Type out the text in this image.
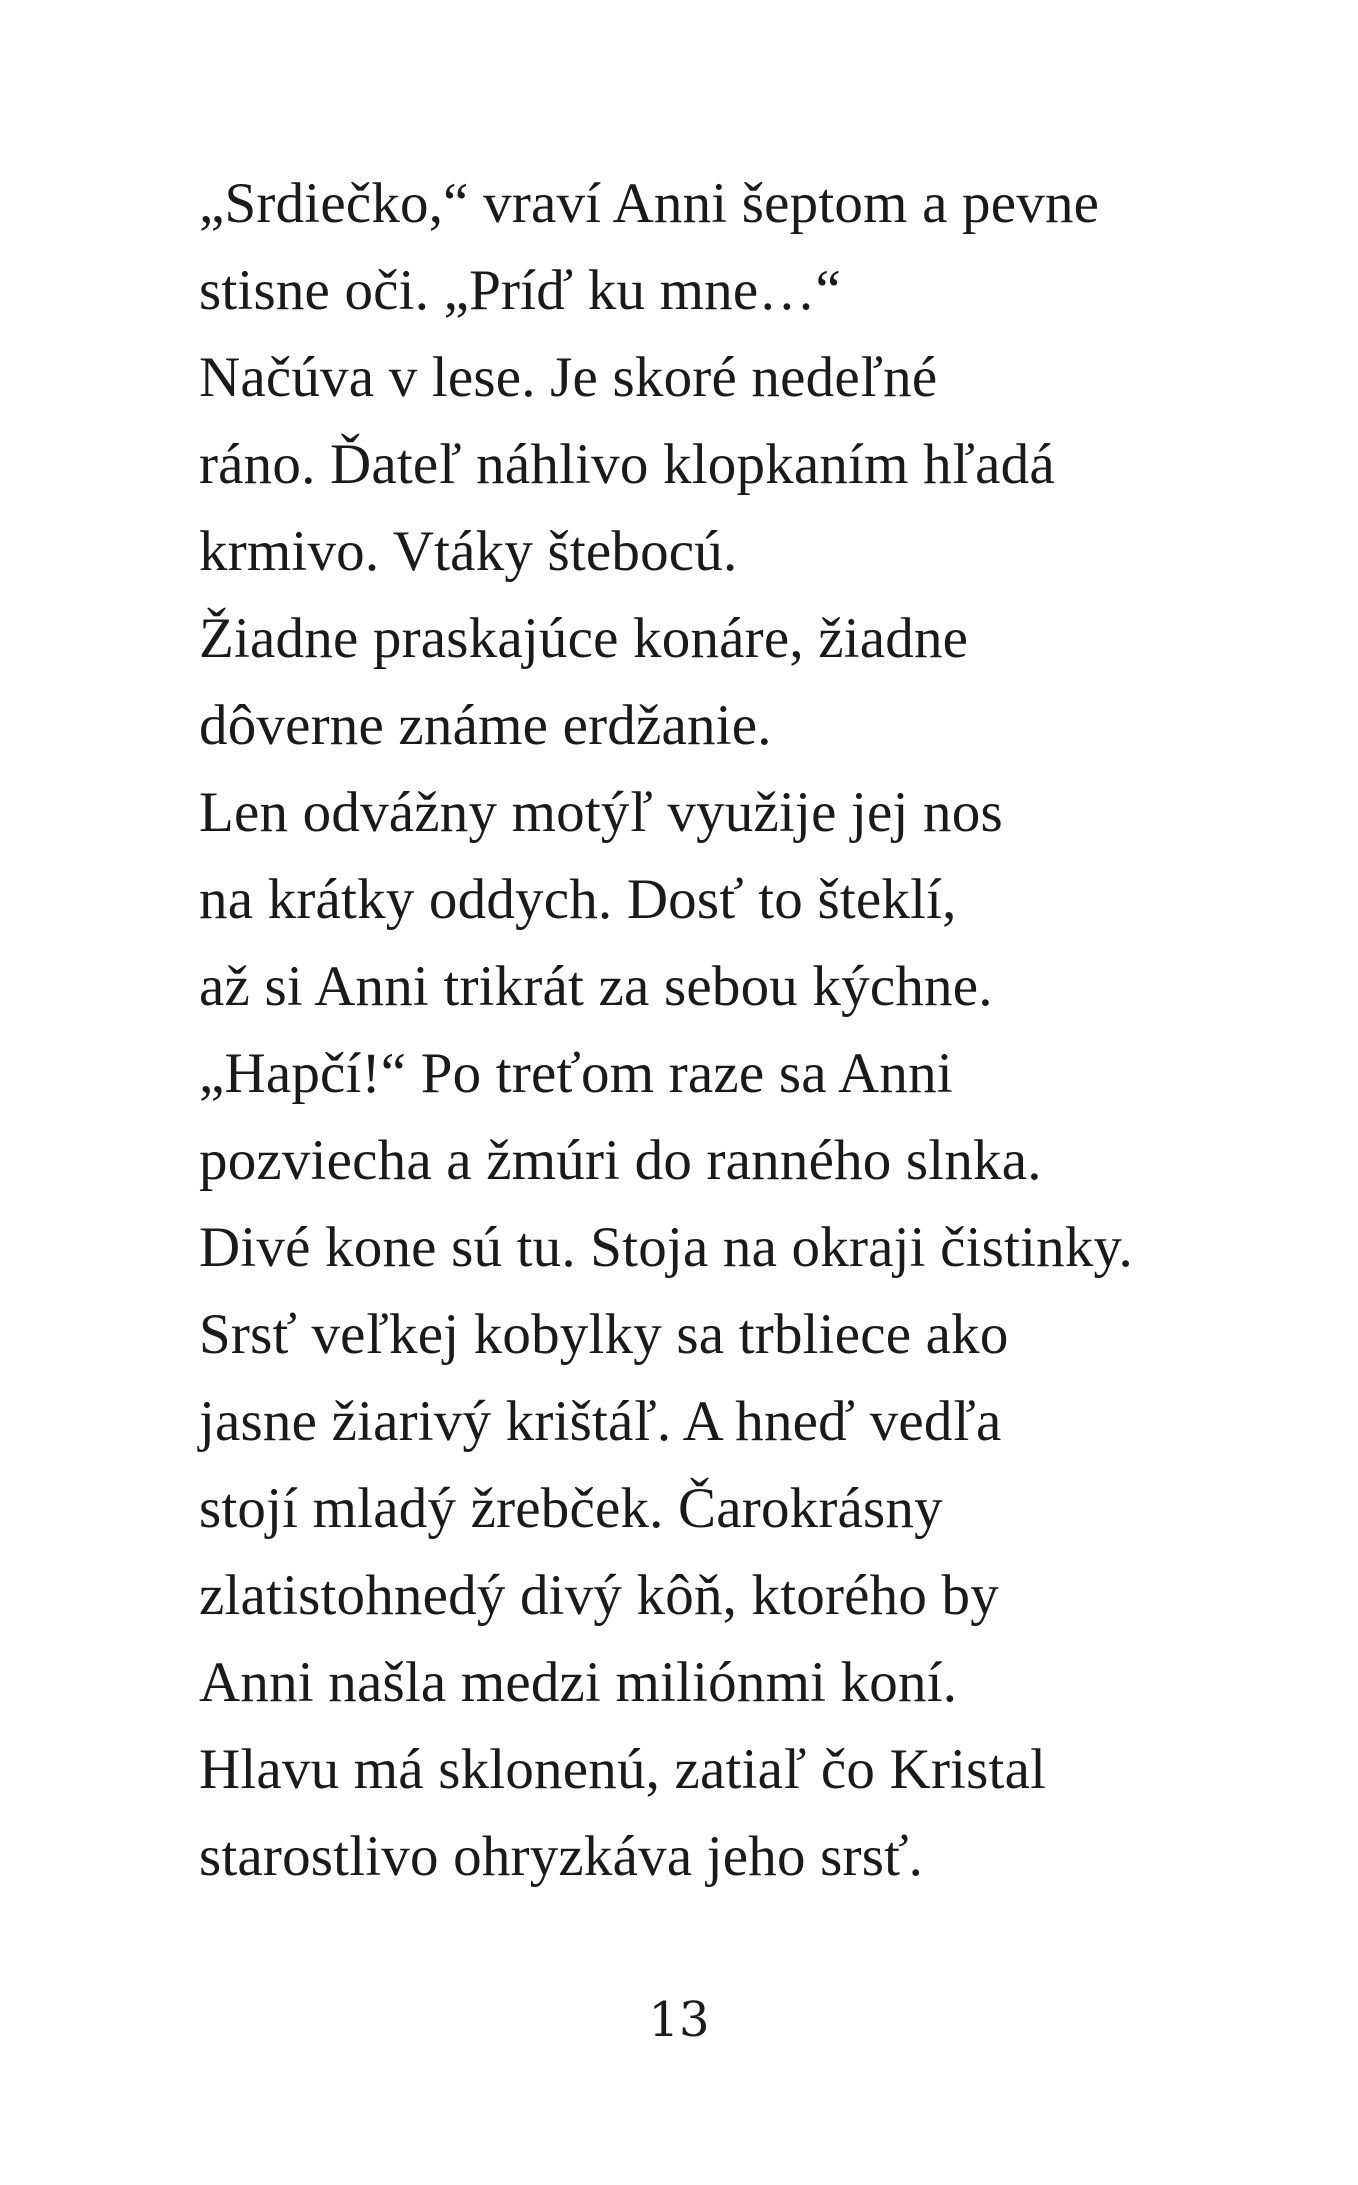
„Srdiečko,“ vraví Anni šeptom a pevne
stisne oči. „Príď ku mne…“
Načúva v lese. Je skoré nedeľné
ráno. Ďateľ náhlivo klopkaním hľadá
krmivo. Vtáky štebocú.
Žiadne praskajúce konáre, žiadne
dôverne známe erdžanie.
Len odvážny motýľ využije jej nos
na krátky oddych. Dosť to šteklí,
až si Anni trikrát za sebou kýchne.
„Hapčí!“ Po treťom raze sa Anni
pozviecha a žmúri do ranného slnka.
Divé kone sú tu. Stoja na okraji čistinky.
Srsť veľkej kobylky sa trbliece ako
jasne žiarivý krištáľ. A hneď vedľa
stojí mladý žrebček. Čarokrásny
zlatistohnedý divý kôň, ktorého by
Anni našla medzi miliónmi koní.
Hlavu má sklonenú, zatiaľ čo Kristal
starostlivo ohryzkáva jeho srsť.
13
